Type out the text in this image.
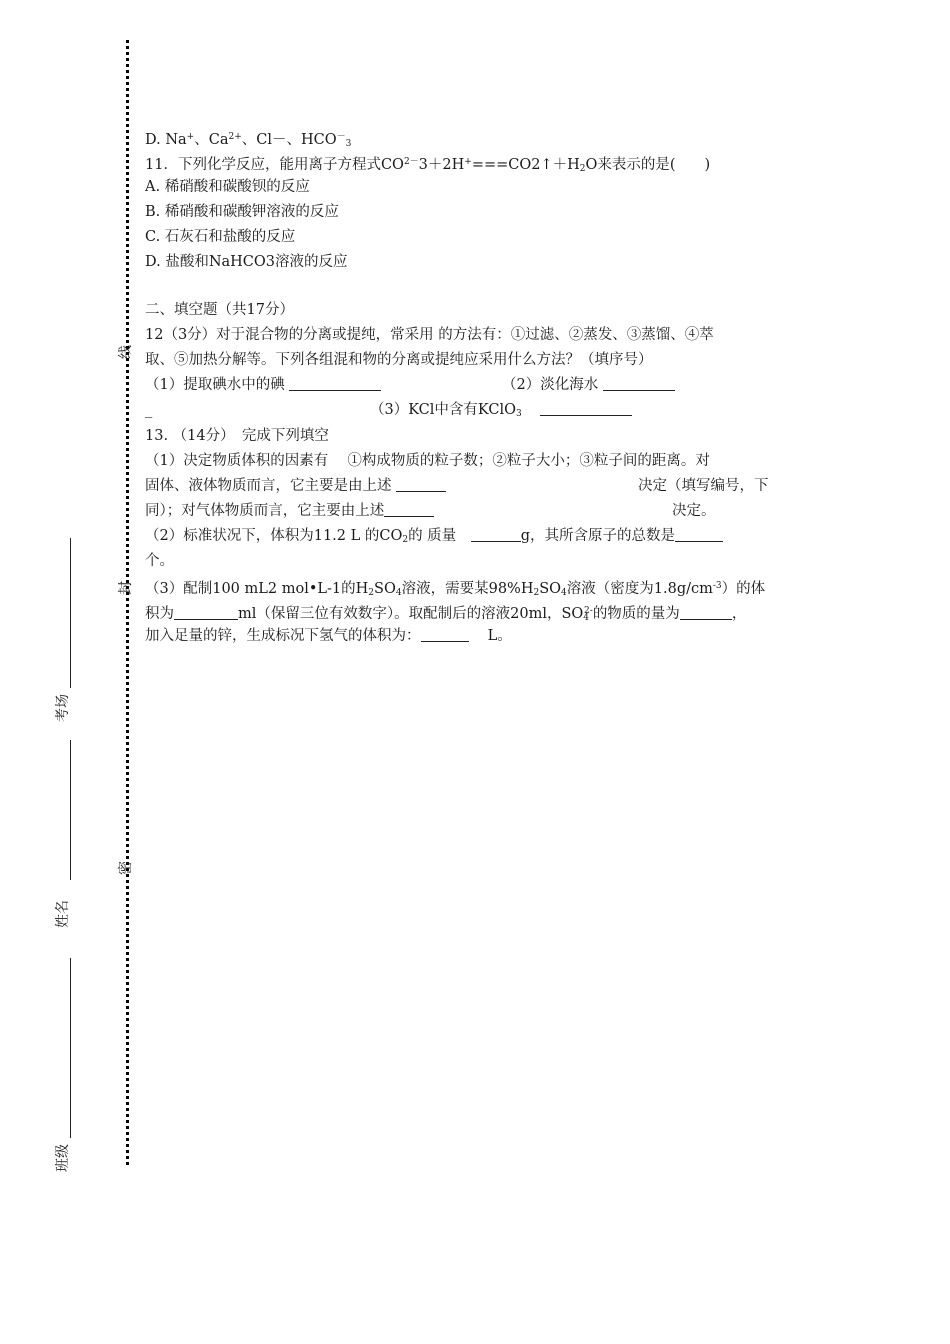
线
封
密
考场
姓名
班级
D. Na+、$Ca^{2+}$、Cl－、$HCO^-_3$
11．下列化学反应，能用离子方程式$CO^{2-}3+2H^+===CO2↑+H_2O$来表示的是(　　)
A. 稀硝酸和碳酸钡的反应
B. 稀硝酸和碳酸钾溶液的反应
C. 石灰石和盐酸的反应
D. 盐酸和NaHCO3溶液的反应
二、填空题（共17分）
12（3分）对于混合物的分离或提纯，常采用 的方法有：①过滤、②蒸发、③蒸馏、④萃
取、⑤加热分解等。下列各组混和物的分离或提纯应采用什么方法？（填序号）
（1）提取碘水中的碘	（2）淡化海水
_	（3）KCl中含有KClO$_3$
13. （14分）　完成下列填空
（1）决定物质体积的因素有　 ①构成物质的粒子数；②粒子大小；③粒子间的距离。对
固体、液体物质而言，它主要是由上述	决定（填写编号，下
同）；对气体物质而言，它主要由上述	决定。
（2）标准状况下，体积为11.2 L 的$CO_2$的 质量　	g，其所含原子的总数是
个。
（3）配制100 mL2 mol•L-1的$H_2SO_4$溶液，需要某$98\%H_2SO_4$溶液（密度为$1.8g/cm^{-3}$）的体
积为	ml（保留三位有效数字）。取配制后的溶液20ml，$SO_4^{2-}$的物质的量为	，
加入足量的锌，生成标况下氢气的体积为：	　 L。
